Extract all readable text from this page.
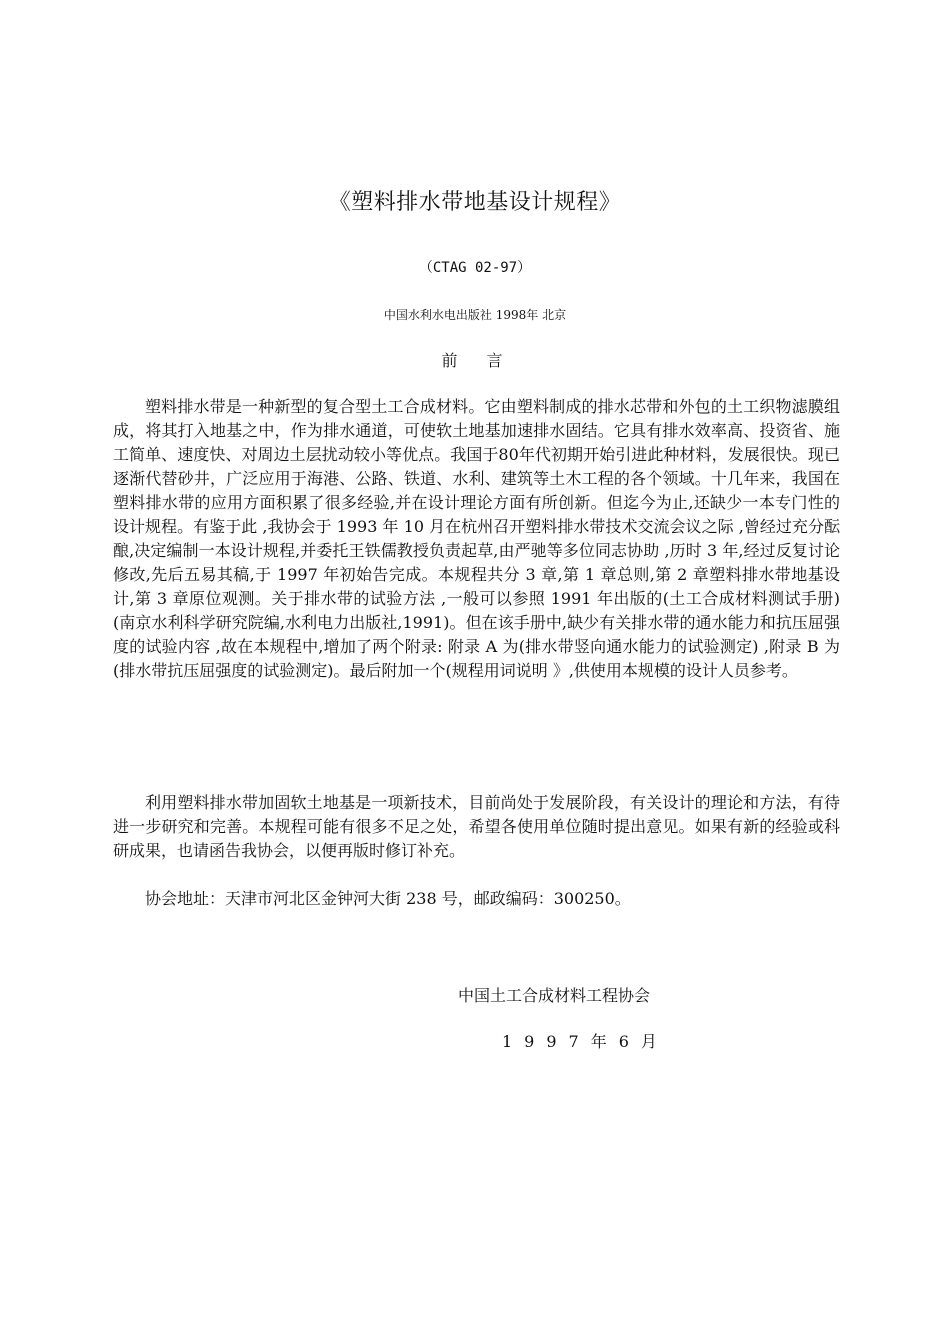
《塑料排水带地基设计规程》
（CTAG 02-97）
中国水利水电出版社 1998年 北京
前 言

塑料排水带是一种新型的复合型土工合成材料。它由塑料制成的排水芯带和外包的土工织物滤膜组成，将其打入地基之中，作为排水通道，可使软土地基加速排水固结。它具有排水效率高、投资省、施工简单、速度快、对周边土层扰动较小等优点。我国于80年代初期开始引进此种材料，发展很快。现已逐渐代替砂井，广泛应用于海港、公路、铁道、水利、建筑等土木工程的各个领域。十几年来，我国在塑料排水带的应用方面积累了很多经验,并在设计理论方面有所创新。但迄今为止,还缺少一本专门性的设计规程。有鉴于此 ,我协会于 1993 年 10 月在杭州召开塑料排水带技术交流会议之际 ,曾经过充分酝酿,决定编制一本设计规程,并委托王铁儒教授负责起草,由严驰等多位同志协助 ,历时 3 年,经过反复讨论修改,先后五易其稿,于 1997 年初始告完成。本规程共分 3 章,第 1 章总则,第 2 章塑料排水带地基设计,第 3 章原位观测。关于排水带的试验方法 ,一般可以参照 1991 年出版的(土工合成材料测试手册)(南京水利科学研究院编,水利电力出版社,1991)。但在该手册中,缺少有关排水带的通水能力和抗压屈强度的试验内容 ,故在本规程中,增加了两个附录: 附录 A 为(排水带竖向通水能力的试验测定) ,附录 B 为(排水带抗压屈强度的试验测定)。最后附加一个(规程用词说明 》,供使用本规模的设计人员参考。

利用塑料排水带加固软土地基是一项新技术，目前尚处于发展阶段，有关设计的理论和方法，有待进一步研究和完善。本规程可能有很多不足之处，希望各使用单位随时提出意见。如果有新的经验或科研成果，也请函告我协会，以便再版时修订补充。

协会地址：天津市河北区金钟河大街 238 号，邮政编码：300250。

中国土工合成材料工程协会
1997年6月
